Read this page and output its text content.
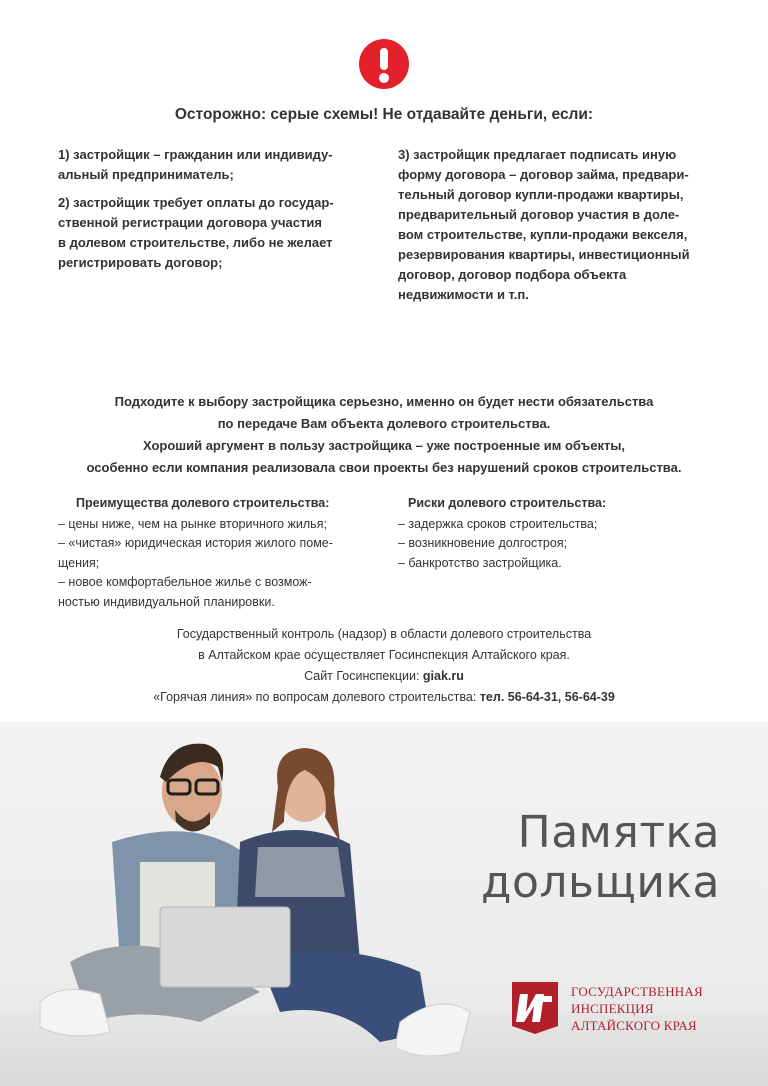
Осторожно: серые схемы! Не отдавайте деньги, если:

1) застройщик – гражданин или индивиду-
альный предприниматель;

2) застройщик требует оплаты до государ-
ственной регистрации договора участия
в долевом строительстве, либо не желает
регистрировать договор;

3) застройщик предлагает подписать иную
форму договора – договор займа, предвари-
тельный договор купли-продажи квартиры,
предварительный договор участия в доле-
вом строительстве, купли-продажи векселя,
резервирования квартиры, инвестиционный
договор, договор подбора объекта
недвижимости и т.п.

Подходите к выбору застройщика серьезно, именно он будет нести обязательства
по передаче Вам объекта долевого строительства.
Хороший аргумент в пользу застройщика – уже построенные им объекты,
особенно если компания реализовала свои проекты без нарушений сроков строительства.
Преимущества долевого строительства:
– цены ниже, чем на рынке вторичного жилья;
– «чистая» юридическая история жилого поме-
щения;
– новое комфортабельное жилье с возмож-
ностью индивидуальной планировки.
Риски долевого строительства:
– задержка сроков строительства;
– возникновение долгостроя;
– банкротство застройщика.
Государственный контроль (надзор) в области долевого строительства
в Алтайском крае осуществляет Госинспекция Алтайского края.
Сайт Госинспекции: giak.ru
«Горячая линия» по вопросам долевого строительства: тел. 56-64-31, 56-64-39
Памятка
дольщика
ГОСУДАРСТВЕННАЯ
ИНСПЕКЦИЯ
АЛТАЙСКОГО КРАЯ
